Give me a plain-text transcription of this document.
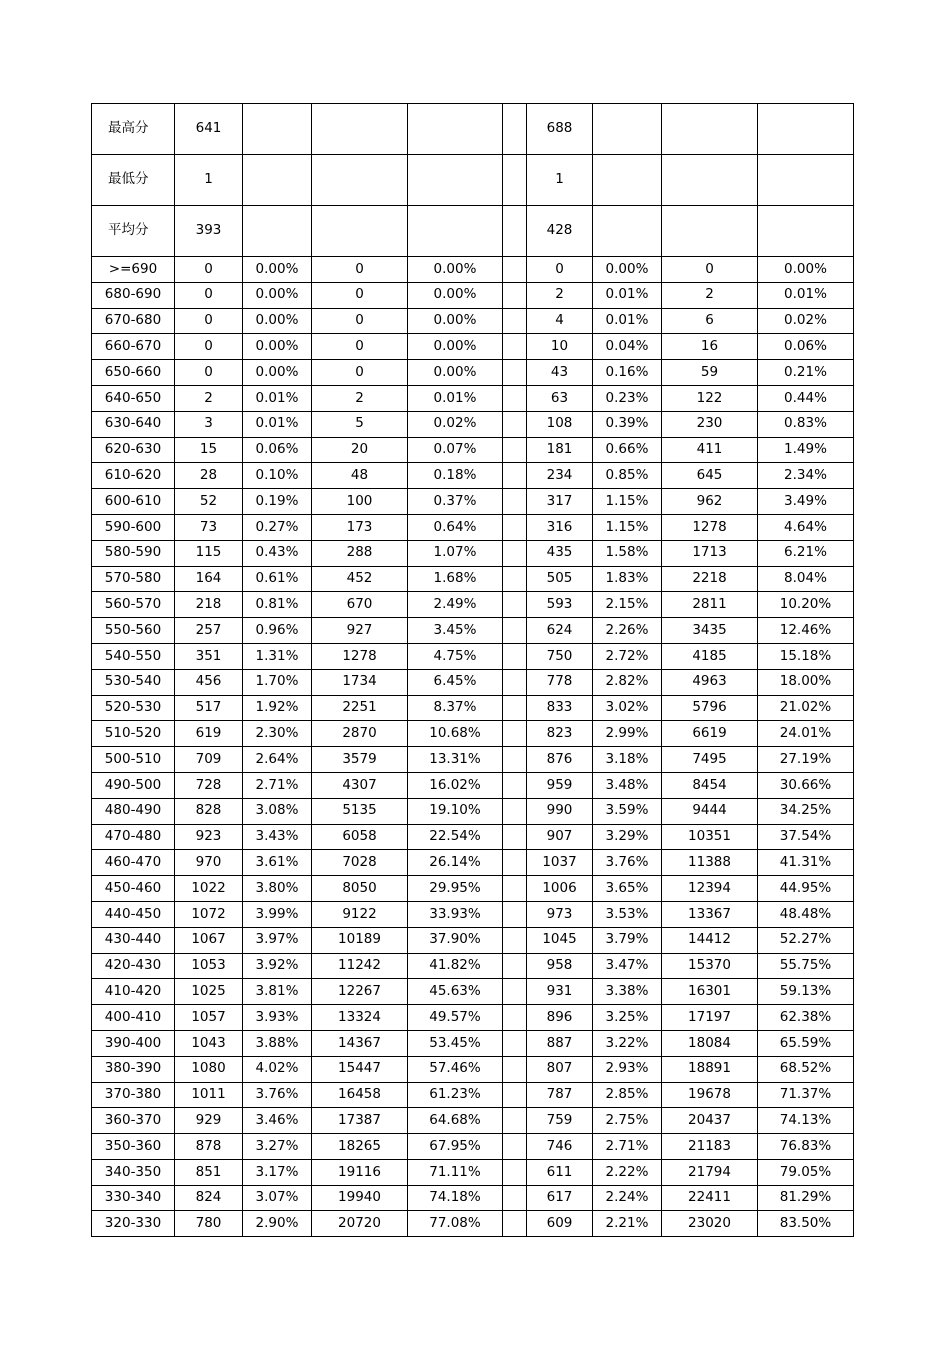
最高分	641					688			
最低分	1					1			
平均分	393					428			
>=690	0	0.00%	0	0.00%		0	0.00%	0	0.00%
680-690	0	0.00%	0	0.00%		2	0.01%	2	0.01%
670-680	0	0.00%	0	0.00%		4	0.01%	6	0.02%
660-670	0	0.00%	0	0.00%		10	0.04%	16	0.06%
650-660	0	0.00%	0	0.00%		43	0.16%	59	0.21%
640-650	2	0.01%	2	0.01%		63	0.23%	122	0.44%
630-640	3	0.01%	5	0.02%		108	0.39%	230	0.83%
620-630	15	0.06%	20	0.07%		181	0.66%	411	1.49%
610-620	28	0.10%	48	0.18%		234	0.85%	645	2.34%
600-610	52	0.19%	100	0.37%		317	1.15%	962	3.49%
590-600	73	0.27%	173	0.64%		316	1.15%	1278	4.64%
580-590	115	0.43%	288	1.07%		435	1.58%	1713	6.21%
570-580	164	0.61%	452	1.68%		505	1.83%	2218	8.04%
560-570	218	0.81%	670	2.49%		593	2.15%	2811	10.20%
550-560	257	0.96%	927	3.45%		624	2.26%	3435	12.46%
540-550	351	1.31%	1278	4.75%		750	2.72%	4185	15.18%
530-540	456	1.70%	1734	6.45%		778	2.82%	4963	18.00%
520-530	517	1.92%	2251	8.37%		833	3.02%	5796	21.02%
510-520	619	2.30%	2870	10.68%		823	2.99%	6619	24.01%
500-510	709	2.64%	3579	13.31%		876	3.18%	7495	27.19%
490-500	728	2.71%	4307	16.02%		959	3.48%	8454	30.66%
480-490	828	3.08%	5135	19.10%		990	3.59%	9444	34.25%
470-480	923	3.43%	6058	22.54%		907	3.29%	10351	37.54%
460-470	970	3.61%	7028	26.14%		1037	3.76%	11388	41.31%
450-460	1022	3.80%	8050	29.95%		1006	3.65%	12394	44.95%
440-450	1072	3.99%	9122	33.93%		973	3.53%	13367	48.48%
430-440	1067	3.97%	10189	37.90%		1045	3.79%	14412	52.27%
420-430	1053	3.92%	11242	41.82%		958	3.47%	15370	55.75%
410-420	1025	3.81%	12267	45.63%		931	3.38%	16301	59.13%
400-410	1057	3.93%	13324	49.57%		896	3.25%	17197	62.38%
390-400	1043	3.88%	14367	53.45%		887	3.22%	18084	65.59%
380-390	1080	4.02%	15447	57.46%		807	2.93%	18891	68.52%
370-380	1011	3.76%	16458	61.23%		787	2.85%	19678	71.37%
360-370	929	3.46%	17387	64.68%		759	2.75%	20437	74.13%
350-360	878	3.27%	18265	67.95%		746	2.71%	21183	76.83%
340-350	851	3.17%	19116	71.11%		611	2.22%	21794	79.05%
330-340	824	3.07%	19940	74.18%		617	2.24%	22411	81.29%
320-330	780	2.90%	20720	77.08%		609	2.21%	23020	83.50%
